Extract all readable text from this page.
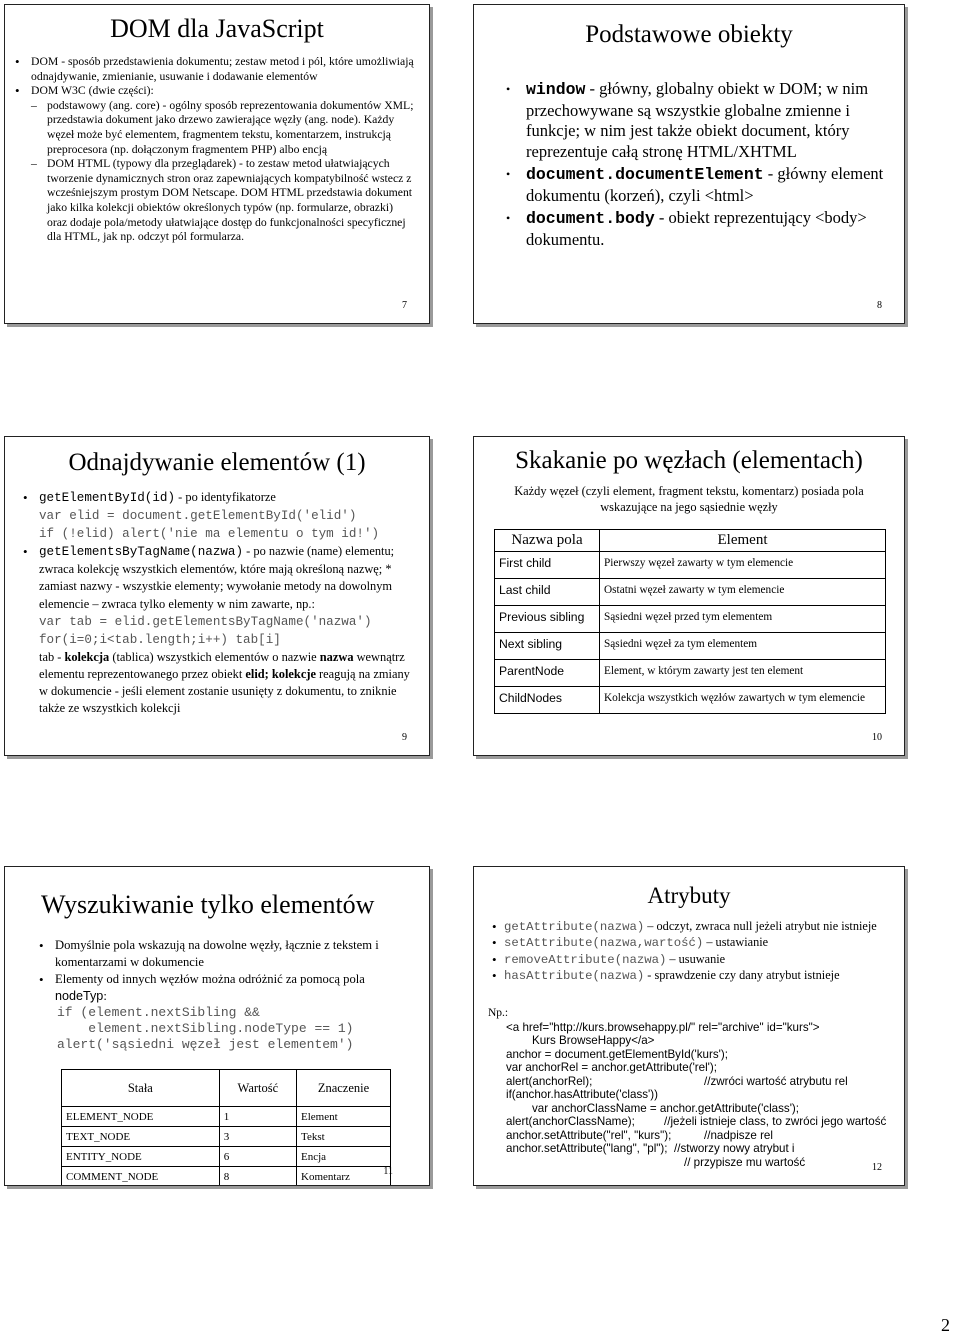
DOM dla JavaScript
• DOM - sposób przedstawienia dokumentu; zestaw metod i pól, które umożliwiają odnajdywanie, zmienianie, usuwanie i dodawanie elementów
• DOM W3C (dwie części):
– podstawowy (ang. core) - ogólny sposób reprezentowania dokumentów XML; przedstawia dokument jako drzewo zawierające węzły (ang. node). Każdy węzeł może być elementem, fragmentem tekstu, komentarzem, instrukcją preprocesora (np. dołączonym fragmentem PHP) albo encją
– DOM HTML (typowy dla przeglądarek) - to zestaw metod ułatwiających tworzenie dynamicznych stron oraz zapewniających kompatybilność wstecz z wcześniejszym prostym DOM Netscape. DOM HTML przedstawia dokument jako kilka kolekcji obiektów określonych typów (np. formularze, obrazki) oraz dodaje pola/metody ułatwiające dostęp do funkcjonalności specyficznej dla HTML, jak np. odczyt pól formularza.
7
Podstawowe obiekty
• window - główny, globalny obiekt w DOM; w nim przechowywane są wszystkie globalne zmienne i funkcje; w nim jest także obiekt document, który reprezentuje całą stronę HTML/XHTML
• document.documentElement - główny element dokumentu (korzeń), czyli <html>
• document.body - obiekt reprezentujący <body> dokumentu.
8
Odnajdywanie elementów (1)
• getElementById(id) - po identyfikatorze
var elid = document.getElementById('elid')
if (!elid) alert('nie ma elementu o tym id!')
• getElementsByTagName(nazwa) - po nazwie (name) elementu; zwraca kolekcję wszystkich elementów, które mają określoną nazwę; * zamiast nazwy - wszystkie elementy; wywołanie metody na dowolnym elemencie – zwraca tylko elementy w nim zawarte, np.:
var tab = elid.getElementsByTagName('nazwa')
for(i=0;i<tab.length;i++) tab[i]
tab - kolekcja (tablica) wszystkich elementów o nazwie nazwa wewnątrz elementu reprezentowanego przez obiekt elid; kolekcje reagują na zmiany w dokumencie - jeśli element zostanie usunięty z dokumentu, to zniknie także ze wszystkich kolekcji
9
Skakanie po węzłach (elementach)
Każdy węzeł (czyli element, fragment tekstu, komentarz) posiada pola wskazujące na jego sąsiednie węzły
Nazwa pola	Element
First child	Pierwszy węzeł zawarty w tym elemencie
Last child	Ostatni węzeł zawarty w tym elemencie
Previous sibling	Sąsiedni węzeł przed tym elementem
Next sibling	Sąsiedni węzeł za tym elementem
ParentNode	Element, w którym zawarty jest ten element
ChildNodes	Kolekcja wszystkich węzłów zawartych w tym elemencie
10
Wyszukiwanie tylko elementów
• Domyślnie pola wskazują na dowolne węzły, łącznie z tekstem i komentarzami w dokumencie
• Elementy od innych węzłów można odróżnić za pomocą pola nodeTyp:
if (element.nextSibling &&
element.nextSibling.nodeType == 1)
alert('sąsiedni węzeł jest elementem')
Stała	Wartość	Znaczenie
ELEMENT_NODE	1	Element
TEXT_NODE	3	Tekst
ENTITY_NODE	6	Encja
COMMENT_NODE	8	Komentarz	11
Atrybuty
• getAttribute(nazwa) – odczyt, zwraca null jeżeli atrybut nie istnieje
• setAttribute(nazwa,wartość) – ustawianie
• removeAttribute(nazwa) – usuwanie
• hasAttribute(nazwa) - sprawdzenie czy dany atrybut istnieje
Np.:
<a href="http://kurs.browsehappy.pl/" rel="archive" id="kurs">
Kurs BrowseHappy</a>
anchor = document.getElementById('kurs');
var anchorRel = anchor.getAttribute('rel');
alert(anchorRel);	//zwróci wartość atrybutu rel
if(anchor.hasAttribute('class'))
var anchorClassName = anchor.getAttribute('class');
alert(anchorClassName);	//jeżeli istnieje class, to zwróci jego wartość
anchor.setAttribute("rel", "kurs");	//nadpisze rel
anchor.setAttribute("lang", "pl"); //stworzy nowy atrybut i
// przypisze mu wartość	12
2
